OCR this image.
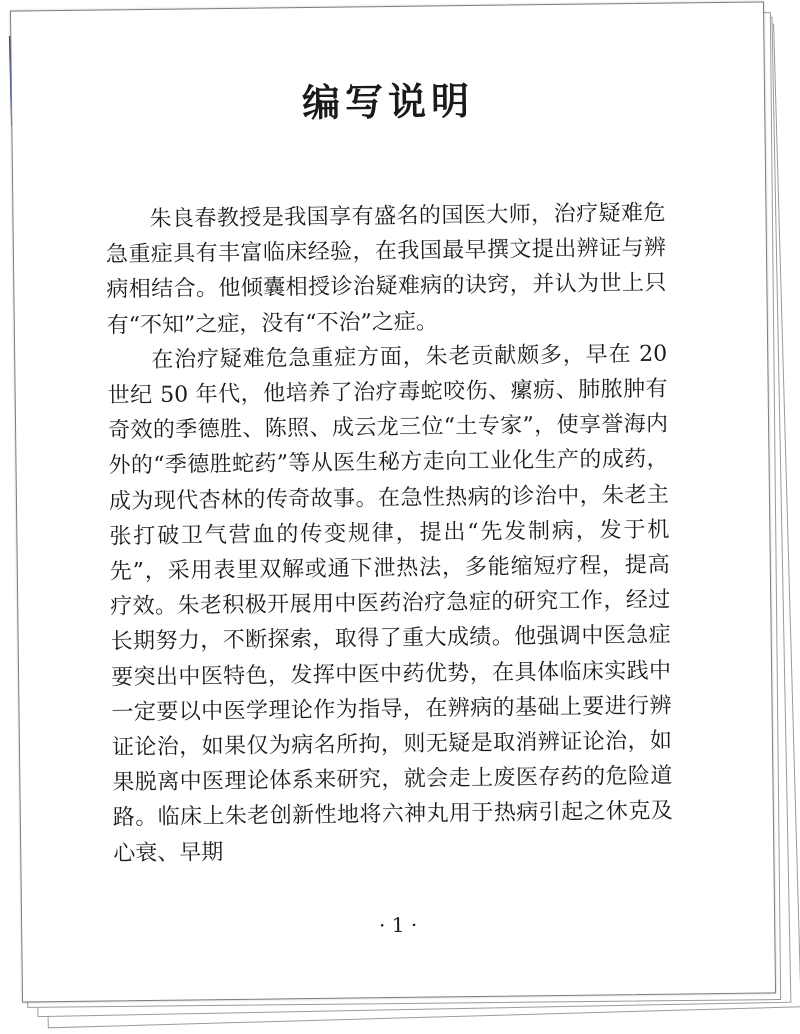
编写说明

朱良春教授是我国享有盛名的国医大师，治疗疑难危急重症具有丰富临床经验，在我国最早撰文提出辨证与辨病相结合。他倾囊相授诊治疑难病的诀窍，并认为世上只有“不知”之症，没有“不治”之症。

在治疗疑难危急重症方面，朱老贡献颇多，早在 20 世纪 50 年代，他培养了治疗毒蛇咬伤、瘰疬、肺脓肿有奇效的季德胜、陈照、成云龙三位“土专家”，使享誉海内外的“季德胜蛇药”等从医生秘方走向工业化生产的成药，成为现代杏林的传奇故事。在急性热病的诊治中，朱老主张打破卫气营血的传变规律，提出“先发制病，发于机先”，采用表里双解或通下泄热法，多能缩短疗程，提高疗效。朱老积极开展用中医药治疗急症的研究工作，经过长期努力，不断探索，取得了重大成绩。他强调中医急症要突出中医特色，发挥中医中药优势，在具体临床实践中一定要以中医学理论作为指导，在辨病的基础上要进行辨证论治，如果仅为病名所拘，则无疑是取消辨证论治，如果脱离中医理论体系来研究，就会走上废医存药的危险道路。临床上朱老创新性地将六神丸用于热病引起之休克及心衰、早期

· 1 ·
